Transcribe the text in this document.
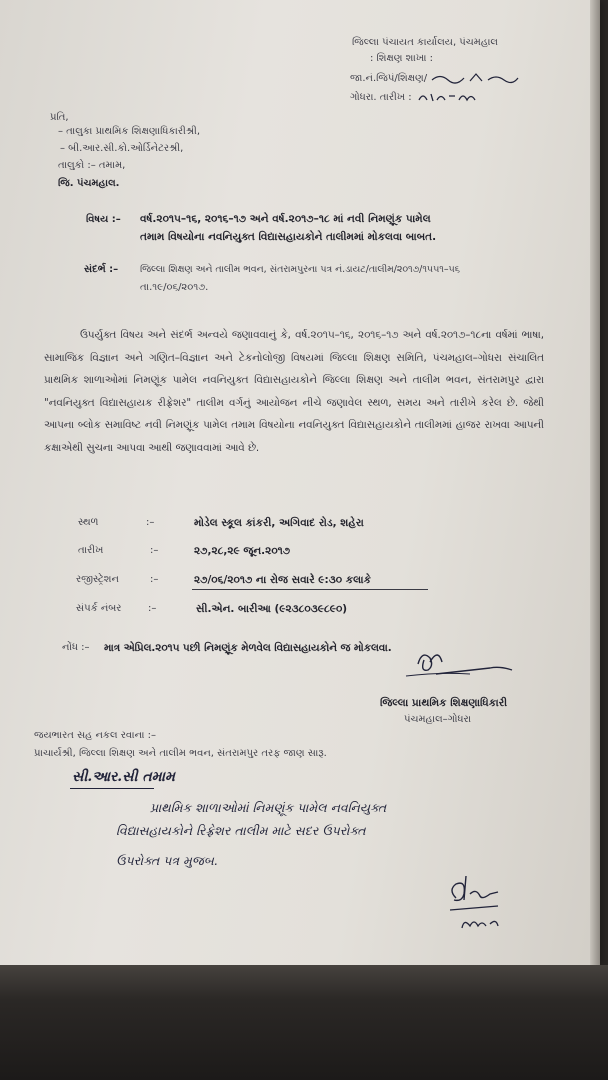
જિલ્લા પંચાયત કાર્યાલય, પંચમહાલ
: શિક્ષણ શાખા :
જા.નં.જિપં/શિક્ષણ/
ગોધરા. તારીખ :
પ્રતિ,
– તાલુકા પ્રાથમિક શિક્ષણાધિકારીશ્રી,
– બી.આર.સી.કો.ઓર્ડિનેટરશ્રી,
તાલુકો :– તમામ,
જિ. પંચમહાલ.
વિષય :– વર્ષ.૨૦૧૫–૧૬, ૨૦૧૬–૧૭ અને વર્ષ.૨૦૧૭–૧૮ માં નવી નિમણૂંક પામેલ
તમામ વિષયોના નવનિયુક્ત વિદ્યાસહાયકોને તાલીમમાં મોકલવા બાબત.
સંદર્ભ :– જિલ્લા શિક્ષણ અને તાલીમ ભવન, સંતરામપુરના પત્ર નં.ડાયટ/તાલીમ/૨૦૧૭/૧૫૫૧–૫૬
તા.૧૯/૦૬/૨૦૧૭.
ઉપર્યુક્ત વિષય અને સંદર્ભ અન્વયે જણાવવાનું કે, વર્ષ.૨૦૧૫–૧૬, ૨૦૧૬–૧૭ અને વર્ષ.૨૦૧૭–૧૮ના વર્ષમાં ભાષા, સામાજિક વિજ્ઞાન અને ગણિત–વિજ્ઞાન અને ટેકનોલોજી વિષયમાં જિલ્લા શિક્ષણ સમિતિ, પંચમહાલ–ગોધરા સંચાલિત પ્રાથમિક શાળાઓમાં નિમણૂંક પામેલ નવનિયુક્ત વિદ્યાસહાયકોને જિલ્લા શિક્ષણ અને તાલીમ ભવન, સંતરામપુર દ્વારા "નવનિયુક્ત વિદ્યાસહાયક રીફ્રેશર" તાલીમ વર્ગનું આયોજન નીચે જણાવેલ સ્થળ, સમય અને તારીખે કરેલ છે. જેથી આપના બ્લોક સમાવિષ્ટ નવી નિમણૂંક પામેલ તમામ વિષયોના નવનિયુક્ત વિદ્યાસહાયકોને તાલીમમાં હાજર રાખવા આપની કક્ષાએથી સુચના આપવા આથી જણાવવામાં આવે છે.
સ્થળ	:–	મોડેલ સ્કૂલ કાંકરી, અગિવાદ રોડ, શહેરા
તારીખ	:–	૨૭,૨૮,૨૯ જૂન.૨૦૧૭
રજીસ્ટ્રેશન	:–	૨૭/૦૬/૨૦૧૭ ના રોજ સવારે ૯:૩૦ કલાકે
સંપર્ક નંબર	:–	સી.એન. બારીઆ (૯૨૩૮૦૩૯૮૯૦)
નોંધ :– માત્ર એપ્રિલ.૨૦૧૫ પછી નિમણૂંક મેળવેલ વિદ્યાસહાયકોને જ મોકલવા.
જિલ્લા પ્રાથમિક શિક્ષણાધિકારી
પંચમહાલ–ગોધરા
જયભારત સહ નકલ રવાના :–
પ્રાચાર્યશ્રી, જિલ્લા શિક્ષણ અને તાલીમ ભવન, સંતરામપુર તરફ જાણ સારૂ.
સી.આર.સી તમામ
પ્રાથમિક શાળાઓમાં નિમણૂંક પામેલ નવનિયુક્ત
વિદ્યાસહાયકોને રિફ્રેશર તાલીમ માટે સદર ઉપરોક્ત
ઉપરોક્ત પત્ર મુજબ.
